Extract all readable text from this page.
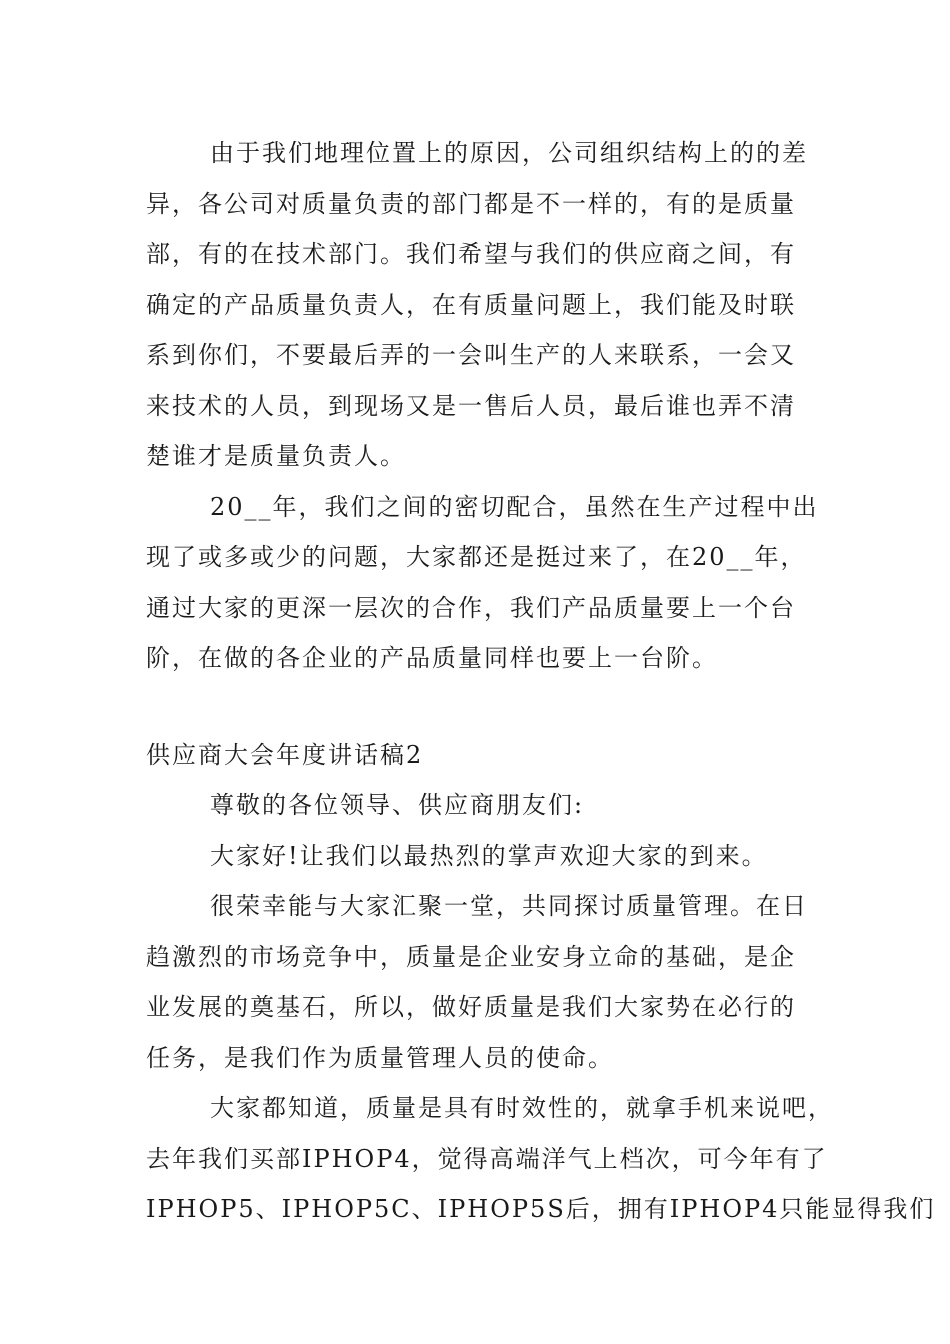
由于我们地理位置上的原因，公司组织结构上的的差
异，各公司对质量负责的部门都是不一样的，有的是质量
部，有的在技术部门。我们希望与我们的供应商之间，有
确定的产品质量负责人，在有质量问题上，我们能及时联
系到你们，不要最后弄的一会叫生产的人来联系，一会又
来技术的人员，到现场又是一售后人员，最后谁也弄不清
楚谁才是质量负责人。
20__年，我们之间的密切配合，虽然在生产过程中出
现了或多或少的问题，大家都还是挺过来了，在20__年，
通过大家的更深一层次的合作，我们产品质量要上一个台
阶，在做的各企业的产品质量同样也要上一台阶。
供应商大会年度讲话稿2
尊敬的各位领导、供应商朋友们:
大家好!让我们以最热烈的掌声欢迎大家的到来。
很荣幸能与大家汇聚一堂，共同探讨质量管理。在日
趋激烈的市场竞争中，质量是企业安身立命的基础，是企
业发展的奠基石，所以，做好质量是我们大家势在必行的
任务，是我们作为质量管理人员的使命。
大家都知道，质量是具有时效性的，就拿手机来说吧，
去年我们买部IPHOP4，觉得高端洋气上档次，可今年有了
IPHOP5、IPHOP5C、IPHOP5S后，拥有IPHOP4只能显得我们
